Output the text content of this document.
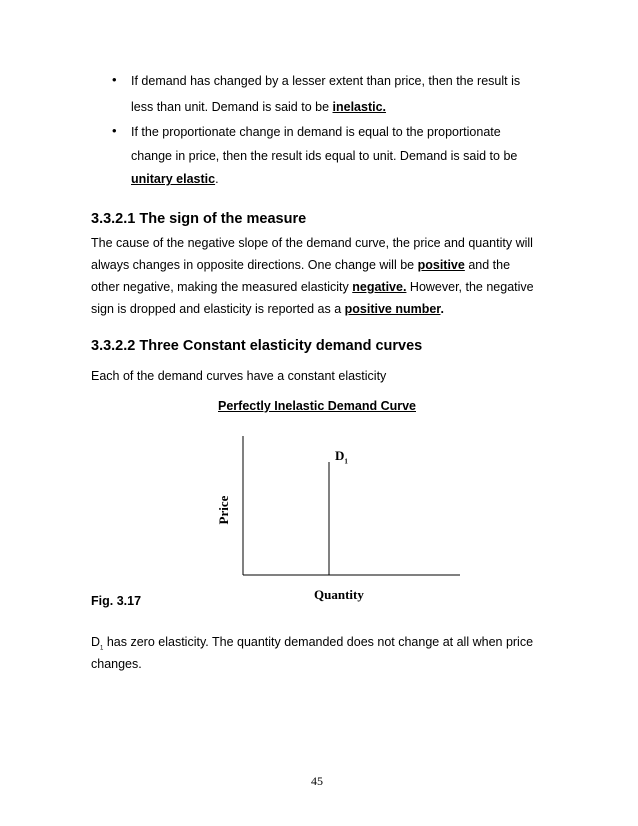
• If demand has changed by a lesser extent than price, then the result is
less than unit. Demand is said to be inelastic.
• If the proportionate change in demand is equal to the proportionate
change in price, then the result ids equal to unit. Demand is said to be
unitary elastic.
3.3.2.1 The sign of the measure
The cause of the negative slope of the demand curve, the price and quantity will
always changes in opposite directions. One change will be positive and the
other negative, making the measured elasticity negative. However, the negative
sign is dropped and elasticity is reported as a positive number.
3.3.2.2 Three Constant elasticity demand curves
Each of the demand curves have a constant elasticity
Perfectly Inelastic Demand Curve
$D_1$
Price
Quantity
Fig. 3.17
$D_1$ has zero elasticity. The quantity demanded does not change at all when price
changes.
45
